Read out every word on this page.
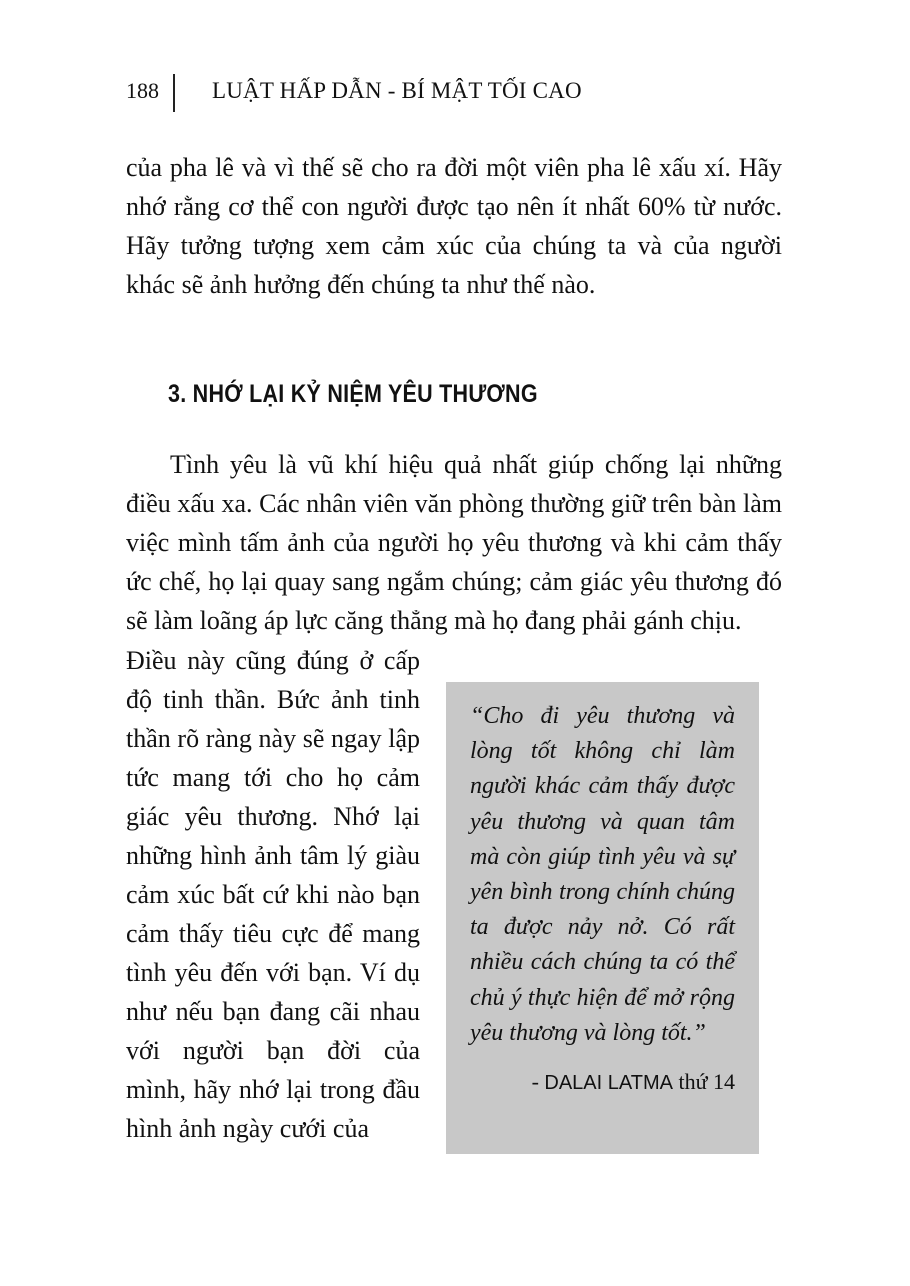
188 LUẬT HẤP DẪN - BÍ MẬT TỐI CAO

của pha lê và vì thế sẽ cho ra đời một viên pha lê xấu xí. Hãy nhớ rằng cơ thể con người được tạo nên ít nhất 60% từ nước. Hãy tưởng tượng xem cảm xúc của chúng ta và của người khác sẽ ảnh hưởng đến chúng ta như thế nào.

3. NHỚ LẠI KỶ NIỆM YÊU THƯƠNG

Tình yêu là vũ khí hiệu quả nhất giúp chống lại những điều xấu xa. Các nhân viên văn phòng thường giữ trên bàn làm việc mình tấm ảnh của người họ yêu thương và khi cảm thấy ức chế, họ lại quay sang ngắm chúng; cảm giác yêu thương đó sẽ làm loãng áp lực căng thẳng mà họ đang phải gánh chịu.

Điều này cũng đúng ở cấp độ tinh thần. Bức ảnh tinh thần rõ ràng này sẽ ngay lập tức mang tới cho họ cảm giác yêu thương. Nhớ lại những hình ảnh tâm lý giàu cảm xúc bất cứ khi nào bạn cảm thấy tiêu cực để mang tình yêu đến với bạn. Ví dụ như nếu bạn đang cãi nhau với người bạn đời của mình, hãy nhớ lại trong đầu hình ảnh ngày cưới của

“Cho đi yêu thương và lòng tốt không chỉ làm người khác cảm thấy được yêu thương và quan tâm mà còn giúp tình yêu và sự yên bình trong chính chúng ta được nảy nở. Có rất nhiều cách chúng ta có thể chủ ý thực hiện để mở rộng yêu thương và lòng tốt.”

- DALAI LATMA thứ 14
